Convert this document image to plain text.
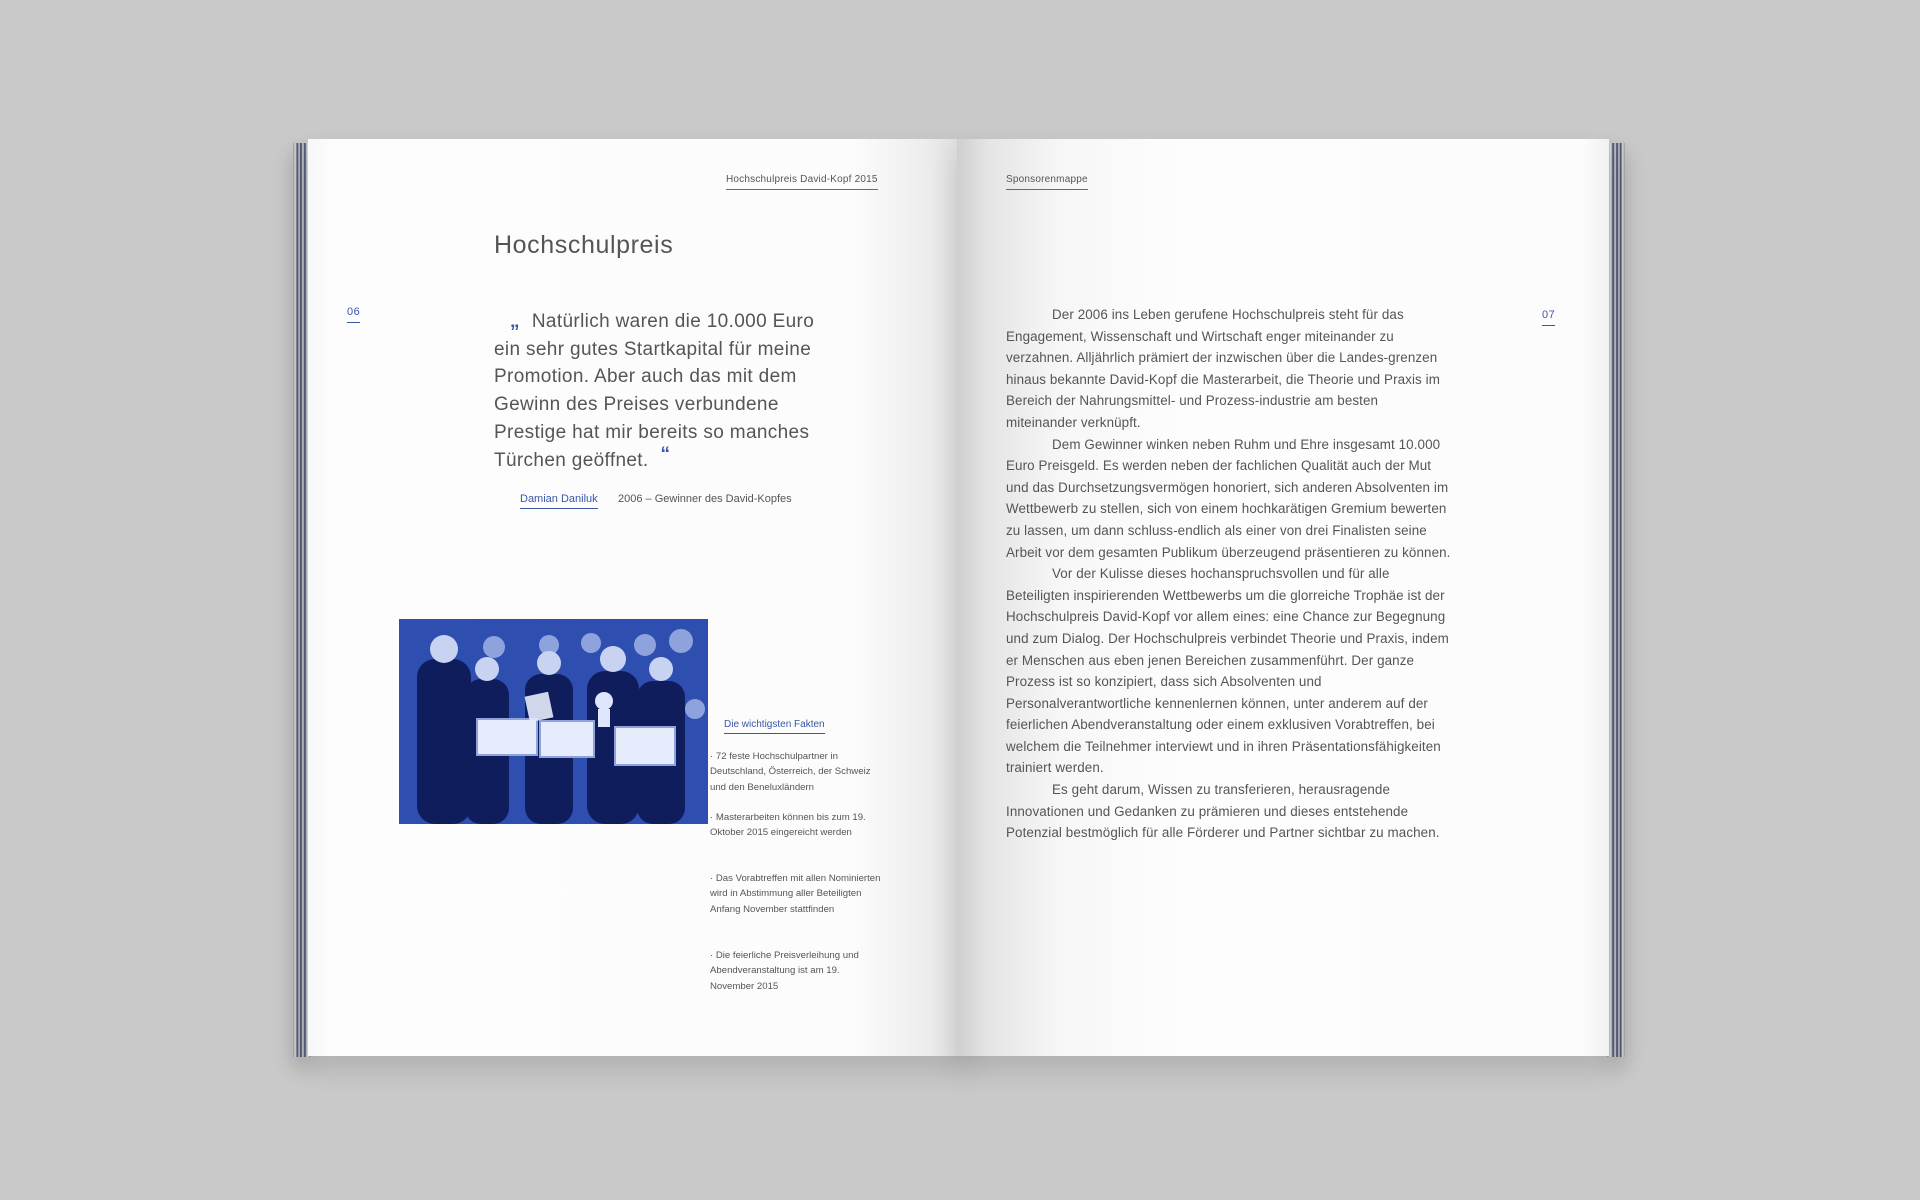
Hochschulpreis David-Kopf 2015
06
Hochschulpreis
„ Natürlich waren die 10.000 Euro
ein sehr gutes Startkapital für meine
Promotion. Aber auch das mit dem
Gewinn des Preises verbundene
Prestige hat mir bereits so manches
Türchen geöffnet. “
Damian Daniluk 2006 – Gewinner des David-Kopfes
Die wichtigsten Fakten
· 72 feste Hochschulpartner in Deutschland, Österreich, der Schweiz und den Beneluxländern
· Masterarbeiten können bis zum 19. Oktober 2015 eingereicht werden
· Das Vorabtreffen mit allen Nominierten wird in Abstimmung aller Beteiligten Anfang November stattfinden
· Die feierliche Preisverleihung und Abendveranstaltung ist am 19. November 2015
Sponsorenmappe
07

Der 2006 ins Leben gerufene Hochschulpreis steht für das Engagement, Wissenschaft und Wirtschaft enger miteinander zu verzahnen. Alljährlich prämiert der inzwischen über die Landes-grenzen hinaus bekannte David-Kopf die Masterarbeit, die Theorie und Praxis im Bereich der Nahrungsmittel- und Prozess-industrie am besten miteinander verknüpft.

Dem Gewinner winken neben Ruhm und Ehre insgesamt 10.000 Euro Preisgeld. Es werden neben der fachlichen Qualität auch der Mut und das Durchsetzungsvermögen honoriert, sich anderen Absolventen im Wettbewerb zu stellen, sich von einem hochkarätigen Gremium bewerten zu lassen, um dann schluss-endlich als einer von drei Finalisten seine Arbeit vor dem gesamten Publikum überzeugend präsentieren zu können.

Vor der Kulisse dieses hochanspruchsvollen und für alle Beteiligten inspirierenden Wettbewerbs um die glorreiche Trophäe ist der Hochschulpreis David-Kopf vor allem eines: eine Chance zur Begegnung und zum Dialog. Der Hochschulpreis verbindet Theorie und Praxis, indem er Menschen aus eben jenen Bereichen zusammenführt. Der ganze Prozess ist so konzipiert, dass sich Absolventen und Personalverantwortliche kennenlernen können, unter anderem auf der feierlichen Abendveranstaltung oder einem exklusiven Vorabtreffen, bei welchem die Teilnehmer interviewt und in ihren Präsentationsfähigkeiten trainiert werden.

Es geht darum, Wissen zu transferieren, herausragende Innovationen und Gedanken zu prämieren und dieses entstehende Potenzial bestmöglich für alle Förderer und Partner sichtbar zu machen.
